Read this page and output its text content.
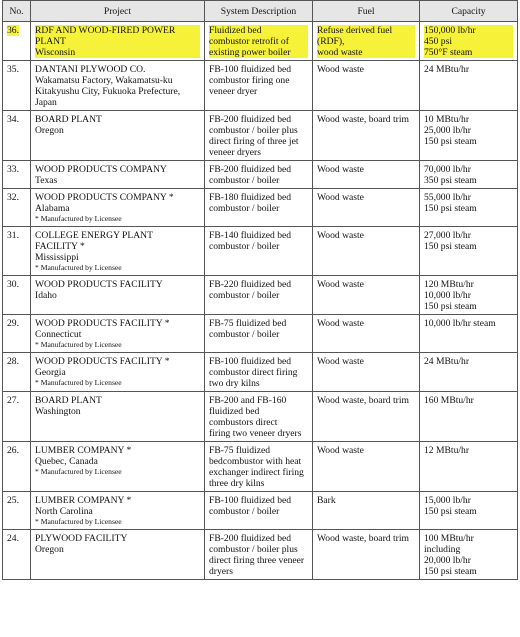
No.	Project	System Description	Fuel	Capacity
36.	RDF AND WOOD-FIRED POWER PLANT
Wisconsin	Fluidized bed
combustor retrofit of
existing power boiler	Refuse derived fuel (RDF),
wood waste	150,000 lb/hr
450 psi
750°F steam

35.	DANTANI PLYWOOD CO.
Wakamatsu Factory, Wakamatsu-ku
Kitakyushu City, Fukuoka Prefecture,
Japan	FB-100 fluidized bed
combustor firing one
veneer dryer	Wood waste	24 MBtu/hr

34.	BOARD PLANT
Oregon	FB-200 fluidized bed
combustor / boiler plus
direct firing of three jet
veneer dryers	Wood waste, board trim	10 MBtu/hr
25,000 lb/hr
150 psi steam

33.	WOOD PRODUCTS COMPANY
Texas	FB-200 fluidized bed
combustor / boiler	Wood waste	70,000 lb/hr
350 psi steam

32.	WOOD PRODUCTS COMPANY *
Alabama
* Manufactured by Licensee	FB-180 fluidized bed
combustor / boiler	Wood waste	55,000 lb/hr
150 psi steam

31.	COLLEGE ENERGY PLANT
FACILITY *
Mississippi
* Manufactured by Licensee	FB-140 fluidized bed
combustor / boiler	Wood waste	27,000 lb/hr
150 psi steam

30.	WOOD PRODUCTS FACILITY
Idaho	FB-220 fluidized bed
combustor / boiler	Wood waste	120 MBtu/hr
10,000 lb/hr
150 psi steam

29.	WOOD PRODUCTS FACILITY *
Connecticut
* Manufactured by Licensee	FB-75 fluidized bed
combustor / boiler	Wood waste	10,000 lb/hr steam

28.	WOOD PRODUCTS FACILITY *
Georgia
* Manufactured by Licensee	FB-100 fluidized bed
combustor direct firing
two dry kilns	Wood waste	24 MBtu/hr

27.	BOARD PLANT
Washington	FB-200 and FB-160
fluidized bed
combustors direct
firing two veneer dryers	Wood waste, board trim	160 MBtu/hr

26.	LUMBER COMPANY *
Quebec, Canada
* Manufactured by Licensee	FB-75 fluidized
bedcombustor with heat
exchanger indirect firing
three dry kilns	Wood waste	12 MBtu/hr

25.	LUMBER COMPANY *
North Carolina
* Manufactured by Licensee	FB-100 fluidized bed
combustor / boiler	Bark	15,000 lb/hr
150 psi steam

24.	PLYWOOD FACILITY
Oregon	FB-200 fluidized bed
combustor / boiler plus
direct firing three veneer
dryers	Wood waste, board trim	100 MBtu/hr
including
20,000 lb/hr
150 psi steam
